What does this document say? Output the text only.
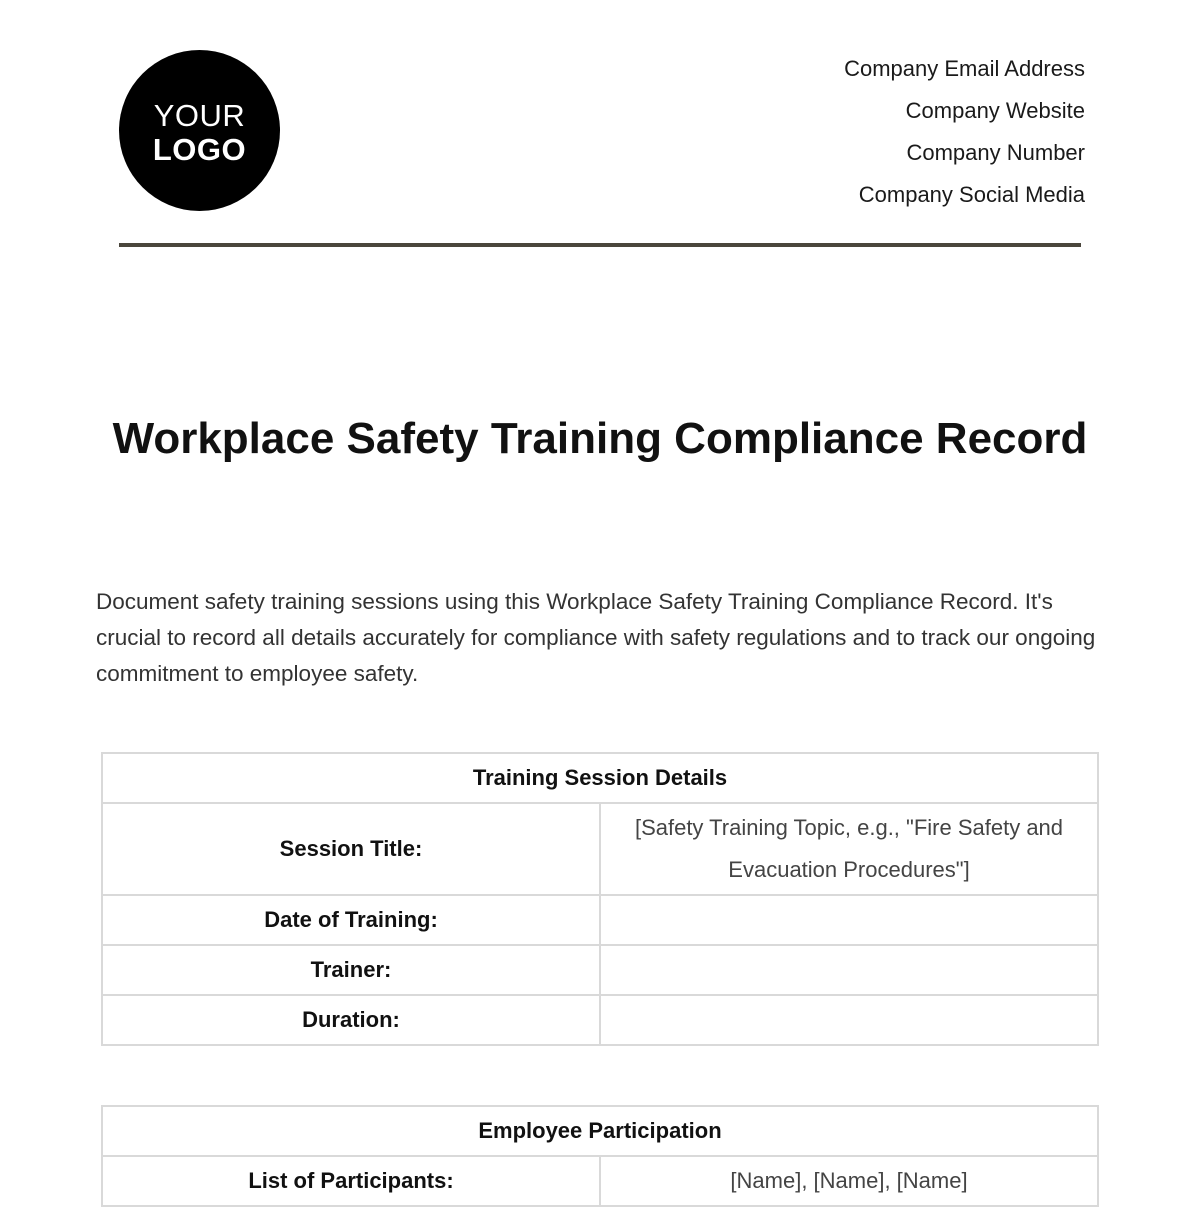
YOUR
LOGO
Company Email Address
Company Website
Company Number
Company Social Media
Workplace Safety Training Compliance Record
Document safety training sessions using this Workplace Safety Training Compliance Record. It's crucial to record all details accurately for compliance with safety regulations and to track our ongoing commitment to employee safety.
Training Session Details	
Session Title:	[Safety Training Topic, e.g., "Fire Safety and Evacuation Procedures"]
Date of Training:	
Trainer:	
Duration:	
Employee Participation
List of Participants:	[Name], [Name], [Name]
